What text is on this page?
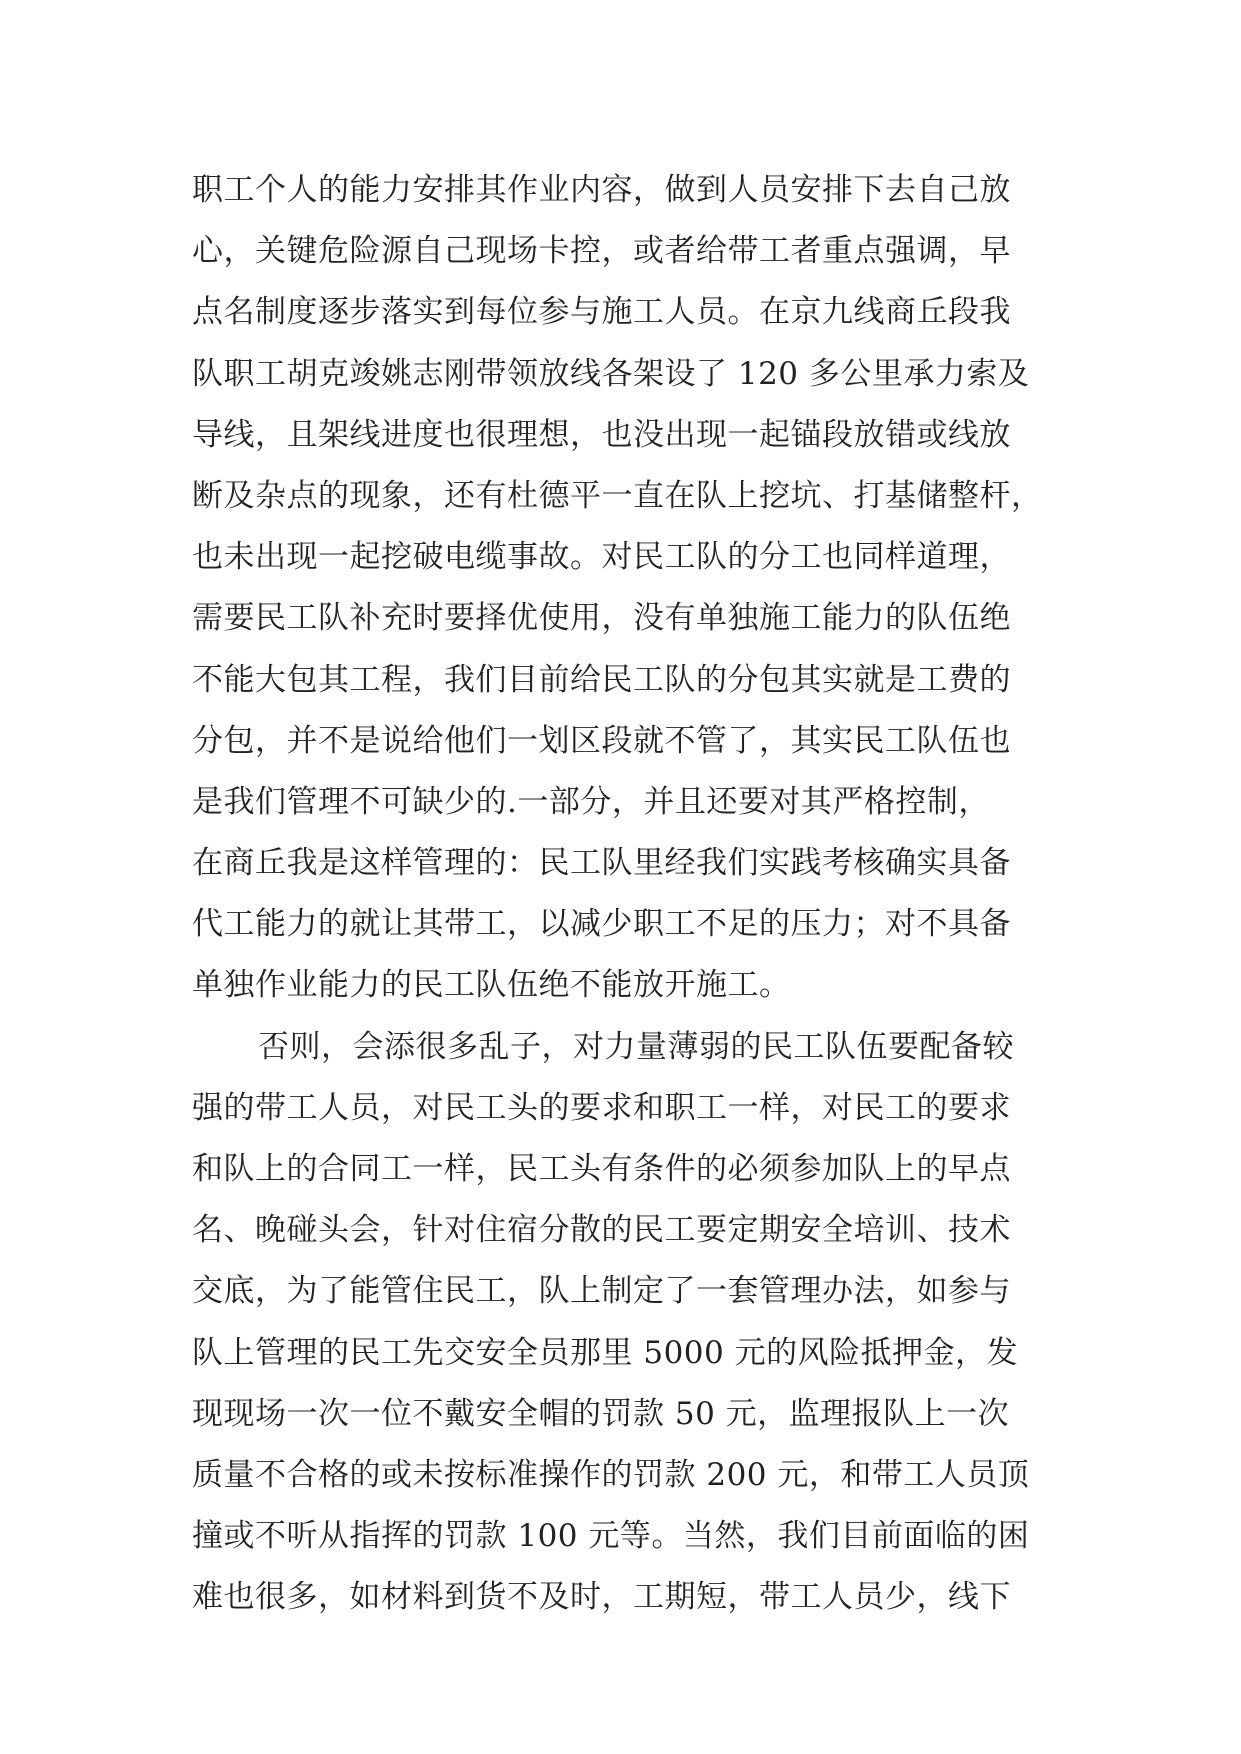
职工个人的能力安排其作业内容，做到人员安排下去自己放
心，关键危险源自己现场卡控，或者给带工者重点强调，早
点名制度逐步落实到每位参与施工人员。在京九线商丘段我
队职工胡克竣姚志刚带领放线各架设了 120 多公里承力索及
导线，且架线进度也很理想，也没出现一起锚段放错或线放
断及杂点的现象，还有杜德平一直在队上挖坑、打基储整杆，
也未出现一起挖破电缆事故。对民工队的分工也同样道理，
需要民工队补充时要择优使用，没有单独施工能力的队伍绝
不能大包其工程，我们目前给民工队的分包其实就是工费的
分包，并不是说给他们一划区段就不管了，其实民工队伍也
是我们管理不可缺少的.一部分，并且还要对其严格控制，
在商丘我是这样管理的：民工队里经我们实践考核确实具备
代工能力的就让其带工，以减少职工不足的压力；对不具备
单独作业能力的民工队伍绝不能放开施工。
否则，会添很多乱子，对力量薄弱的民工队伍要配备较
强的带工人员，对民工头的要求和职工一样，对民工的要求
和队上的合同工一样，民工头有条件的必须参加队上的早点
名、晚碰头会，针对住宿分散的民工要定期安全培训、技术
交底，为了能管住民工，队上制定了一套管理办法，如参与
队上管理的民工先交安全员那里 5000 元的风险抵押金，发
现现场一次一位不戴安全帽的罚款 50 元，监理报队上一次
质量不合格的或未按标准操作的罚款 200 元，和带工人员顶
撞或不听从指挥的罚款 100 元等。当然，我们目前面临的困
难也很多，如材料到货不及时，工期短，带工人员少，线下
